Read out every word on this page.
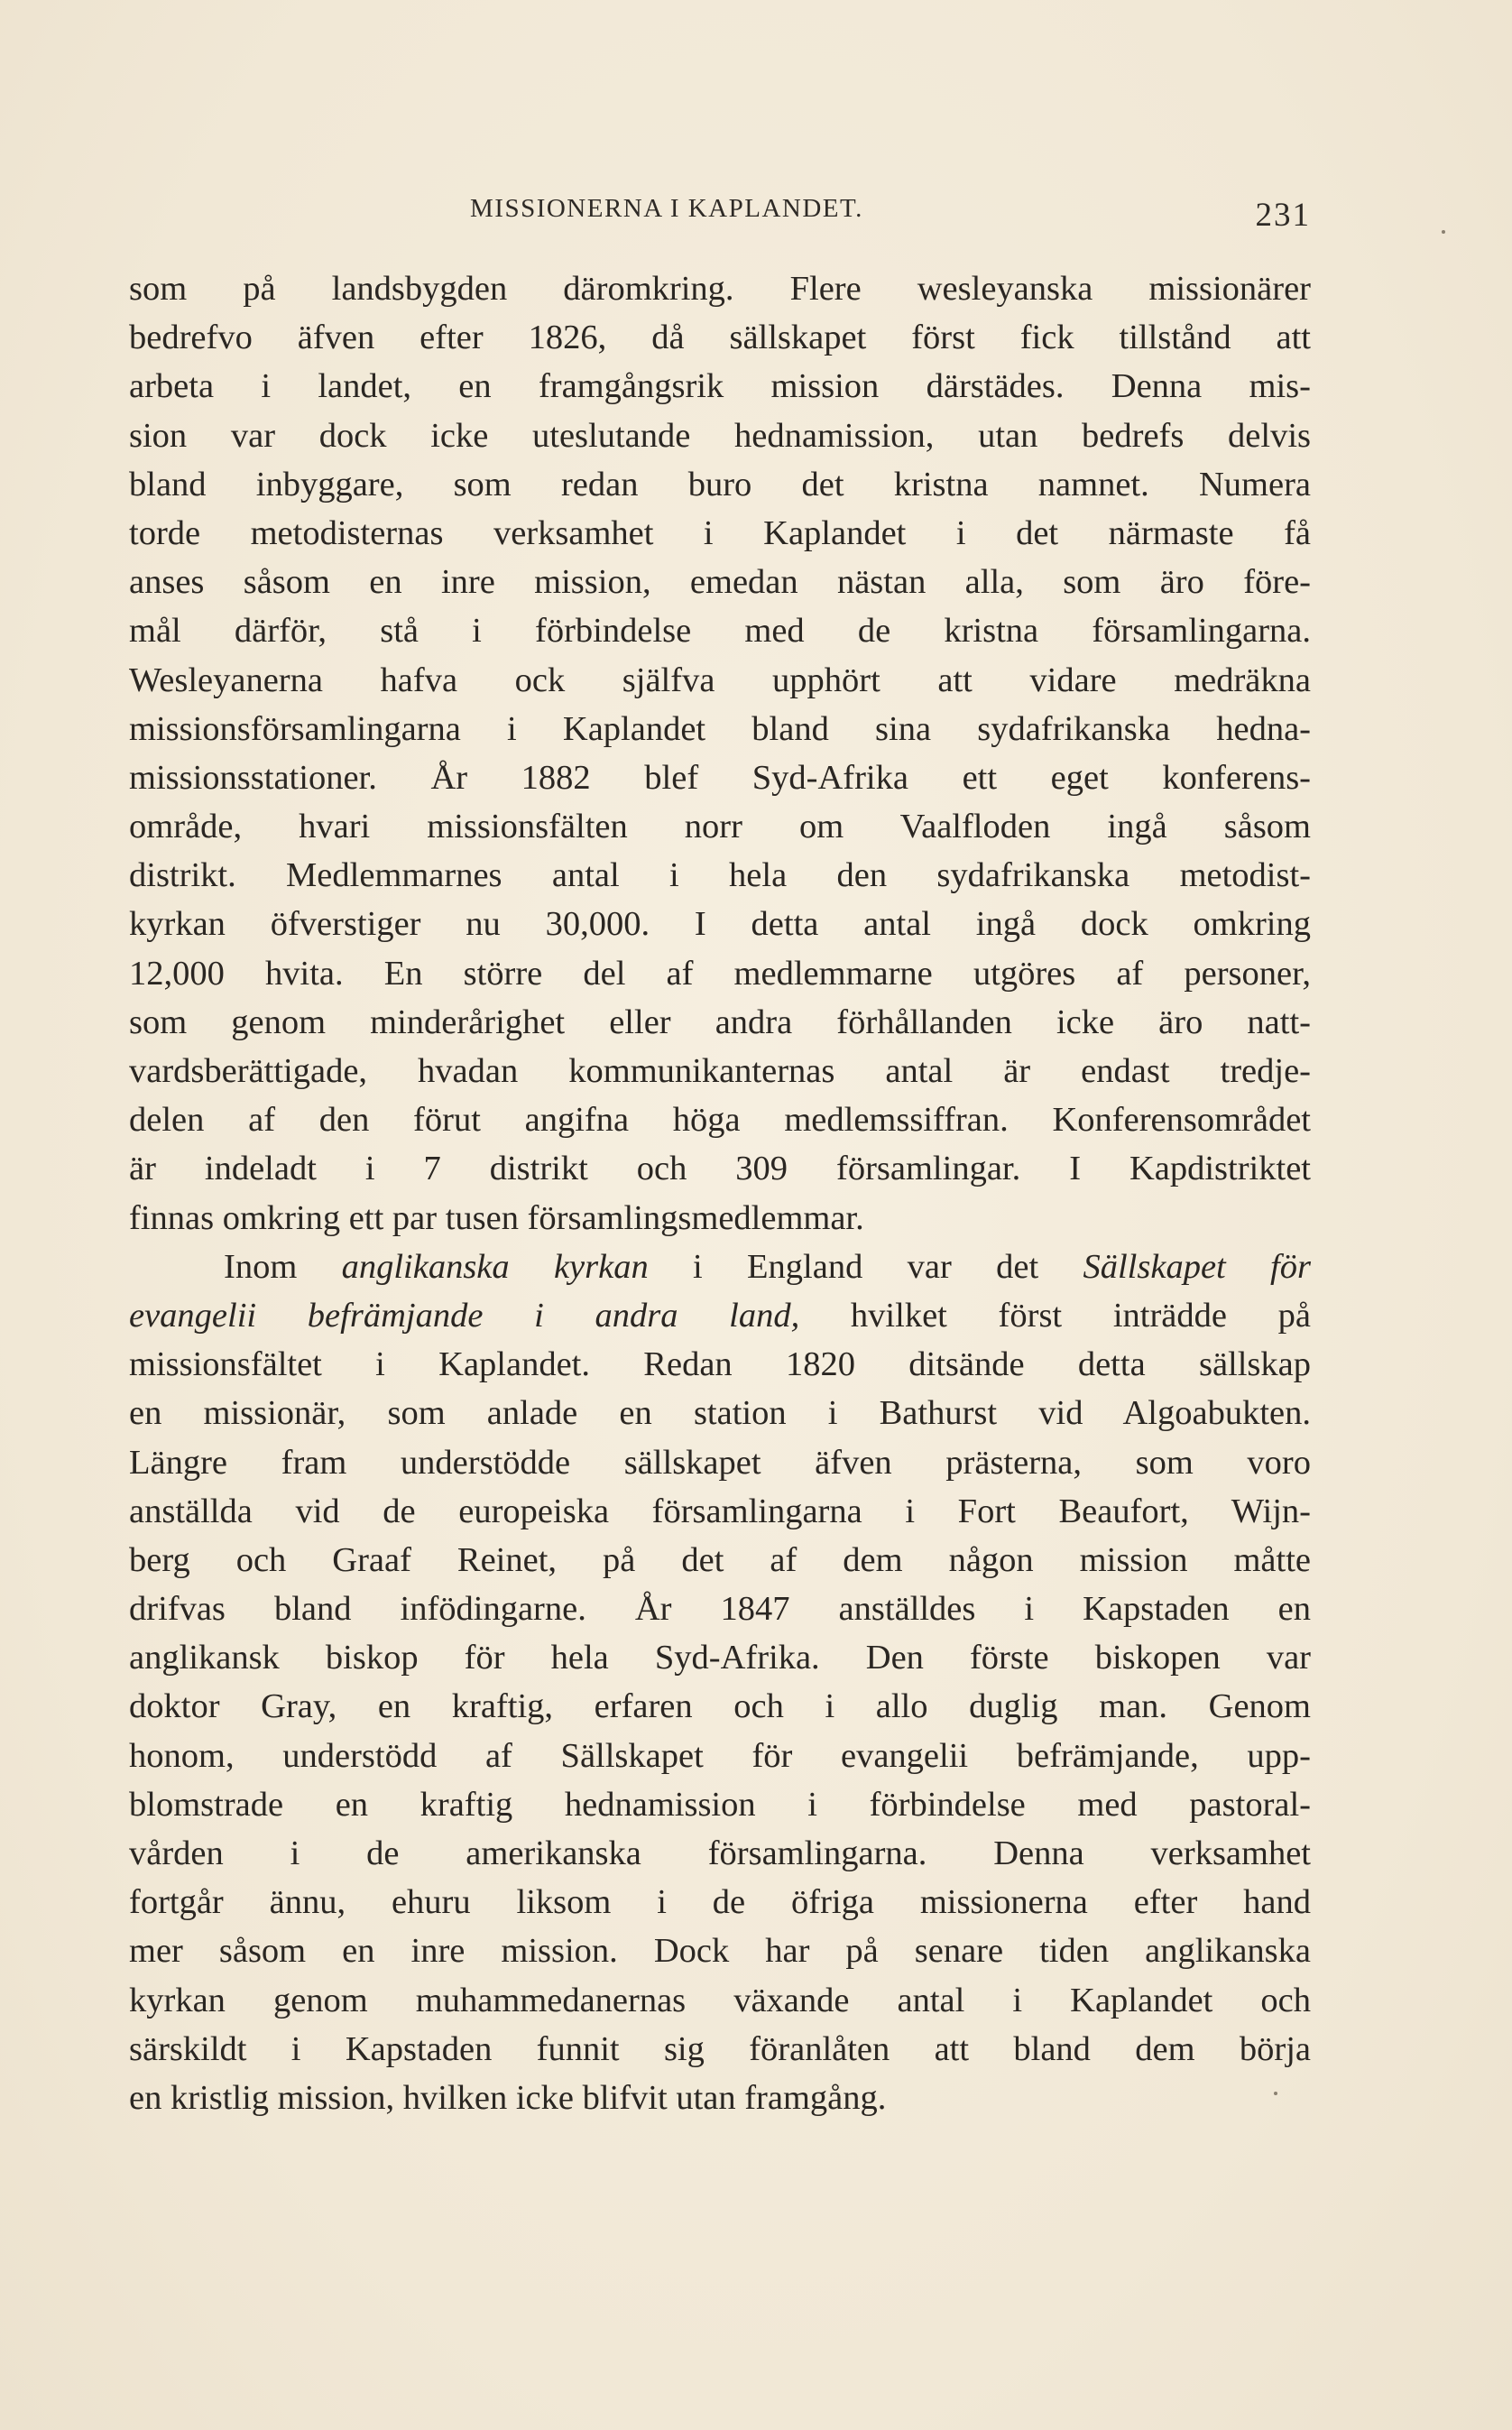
MISSIONERNA I KAPLANDET.	231
som på landsbygden däromkring. Flere wesleyanska missionärer
bedrefvo äfven efter 1826, då sällskapet först fick tillstånd att
arbeta i landet, en framgångsrik mission därstädes. Denna mis-
sion var dock icke uteslutande hednamission, utan bedrefs delvis
bland inbyggare, som redan buro det kristna namnet. Numera
torde metodisternas verksamhet i Kaplandet i det närmaste få
anses såsom en inre mission, emedan nästan alla, som äro före-
mål därför, stå i förbindelse med de kristna församlingarna.
Wesleyanerna hafva ock själfva upphört att vidare medräkna
missionsförsamlingarna i Kaplandet bland sina sydafrikanska hedna-
missionsstationer. År 1882 blef Syd-Afrika ett eget konferens-
område, hvari missionsfälten norr om Vaalfloden ingå såsom
distrikt. Medlemmarnes antal i hela den sydafrikanska metodist-
kyrkan öfverstiger nu 30,000. I detta antal ingå dock omkring
12,000 hvita. En större del af medlemmarne utgöres af personer,
som genom minderårighet eller andra förhållanden icke äro natt-
vardsberättigade, hvadan kommunikanternas antal är endast tredje-
delen af den förut angifna höga medlemssiffran. Konferensområdet
är indeladt i 7 distrikt och 309 församlingar. I Kapdistriktet
finnas omkring ett par tusen församlingsmedlemmar.
Inom anglikanska kyrkan i England var det Sällskapet för
evangelii befrämjande i andra land, hvilket först inträdde på
missionsfältet i Kaplandet. Redan 1820 ditsände detta sällskap
en missionär, som anlade en station i Bathurst vid Algoabukten.
Längre fram understödde sällskapet äfven prästerna, som voro
anställda vid de europeiska församlingarna i Fort Beaufort, Wijn-
berg och Graaf Reinet, på det af dem någon mission måtte
drifvas bland infödingarne. År 1847 anställdes i Kapstaden en
anglikansk biskop för hela Syd-Afrika. Den förste biskopen var
doktor Gray, en kraftig, erfaren och i allo duglig man. Genom
honom, understödd af Sällskapet för evangelii befrämjande, upp-
blomstrade en kraftig hednamission i förbindelse med pastoral-
vården i de amerikanska församlingarna. Denna verksamhet
fortgår ännu, ehuru liksom i de öfriga missionerna efter hand
mer såsom en inre mission. Dock har på senare tiden anglikanska
kyrkan genom muhammedanernas växande antal i Kaplandet och
särskildt i Kapstaden funnit sig föranlåten att bland dem börja
en kristlig mission, hvilken icke blifvit utan framgång.
